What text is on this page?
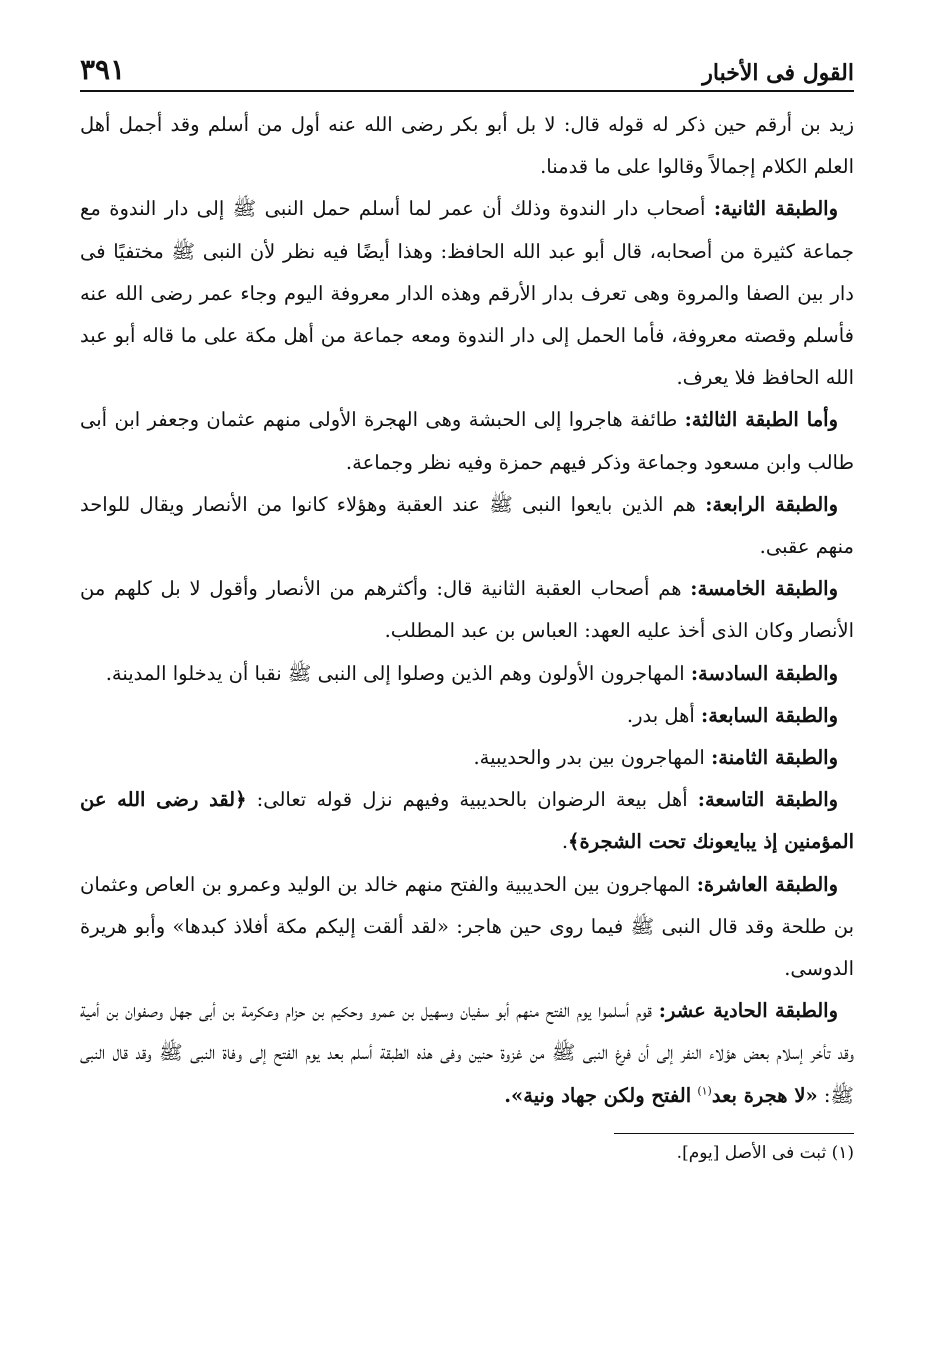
القول فى الأخبار
٣٩١

زيد بن أرقم حين ذكر له قوله قال: لا بل أبو بكر رضى الله عنه أول من أسلم وقد أجمل أهل العلم الكلام إجمالاً وقالوا على ما قدمنا.

والطبقة الثانية: أصحاب دار الندوة وذلك أن عمر لما أسلم حمل النبى ﷺ إلى دار الندوة مع جماعة كثيرة من أصحابه، قال أبو عبد الله الحافظ: وهذا أيضًا فيه نظر لأن النبى ﷺ مختفيًا فى دار بين الصفا والمروة وهى تعرف بدار الأرقم وهذه الدار معروفة اليوم وجاء عمر رضى الله عنه فأسلم وقصته معروفة، فأما الحمل إلى دار الندوة ومعه جماعة من أهل مكة على ما قاله أبو عبد الله الحافظ فلا يعرف.

وأما الطبقة الثالثة: طائفة هاجروا إلى الحبشة وهى الهجرة الأولى منهم عثمان وجعفر ابن أبى طالب وابن مسعود وجماعة وذكر فيهم حمزة وفيه نظر وجماعة.

والطبقة الرابعة: هم الذين بايعوا النبى ﷺ عند العقبة وهؤلاء كانوا من الأنصار ويقال للواحد منهم عقبى.

والطبقة الخامسة: هم أصحاب العقبة الثانية قال: وأكثرهم من الأنصار وأقول لا بل كلهم من الأنصار وكان الذى أخذ عليه العهد: العباس بن عبد المطلب.

والطبقة السادسة: المهاجرون الأولون وهم الذين وصلوا إلى النبى ﷺ نقبا أن يدخلوا المدينة.

والطبقة السابعة: أهل بدر.

والطبقة الثامنة: المهاجرون بين بدر والحديبية.

والطبقة التاسعة: أهل بيعة الرضوان بالحديبية وفيهم نزل قوله تعالى: ﴿لقد رضى الله عن المؤمنين إذ يبايعونك تحت الشجرة﴾.

والطبقة العاشرة: المهاجرون بين الحديبية والفتح منهم خالد بن الوليد وعمرو بن العاص وعثمان بن طلحة وقد قال النبى ﷺ فيما روى حين هاجر: «لقد ألقت إليكم مكة أفلاذ كبدها» وأبو هريرة الدوسى.

والطبقة الحادية عشر: قوم أسلموا يوم الفتح منهم أبو سفيان وسهيل بن عمرو وحكيم بن حزام وعكرمة بن أبى جهل وصفوان بن أمية وقد تأخر إسلام بعض هؤلاء النفر إلى أن فرغ النبى ﷺ من غزوة حنين وفى هذه الطبقة أسلم بعد يوم الفتح إلى وفاة النبى ﷺ وقد قال النبى ﷺ: «لا هجرة بعد$^{(١)}$ الفتح ولكن جهاد ونية».

(١) ثبت فى الأصل [يوم].
